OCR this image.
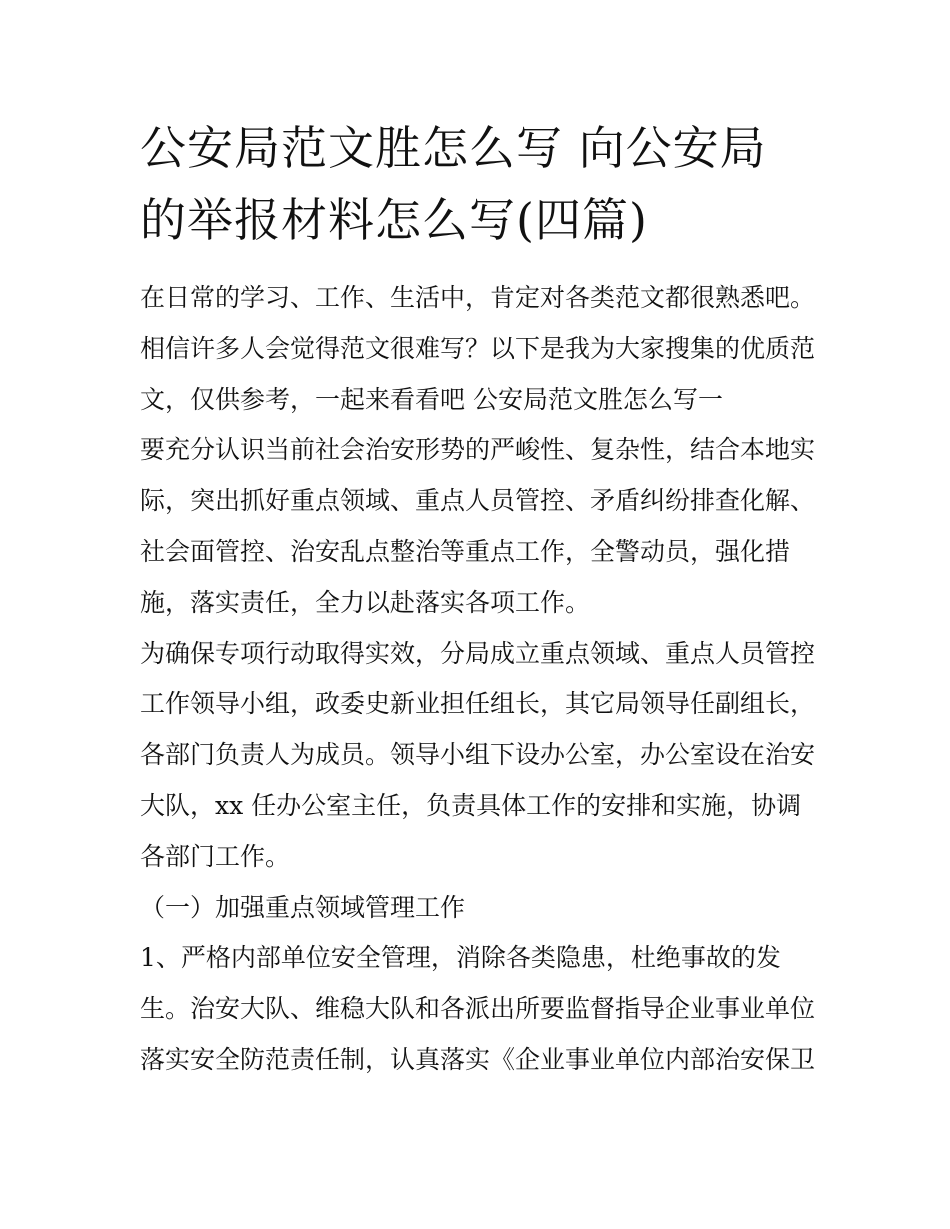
公安局范文胜怎么写 向公安局
的举报材料怎么写(四篇)
在日常的学习、工作、生活中，肯定对各类范文都很熟悉吧。
相信许多人会觉得范文很难写？以下是我为大家搜集的优质范
文，仅供参考，一起来看看吧 公安局范文胜怎么写一
要充分认识当前社会治安形势的严峻性、复杂性，结合本地实
际，突出抓好重点领域、重点人员管控、矛盾纠纷排查化解、
社会面管控、治安乱点整治等重点工作，全警动员，强化措
施，落实责任，全力以赴落实各项工作。
为确保专项行动取得实效，分局成立重点领域、重点人员管控
工作领导小组，政委史新业担任组长，其它局领导任副组长，
各部门负责人为成员。领导小组下设办公室，办公室设在治安
大队，xx 任办公室主任，负责具体工作的安排和实施，协调
各部门工作。
（一）加强重点领域管理工作
1、严格内部单位安全管理，消除各类隐患，杜绝事故的发
生。治安大队、维稳大队和各派出所要监督指导企业事业单位
落实安全防范责任制，认真落实《企业事业单位内部治安保卫
